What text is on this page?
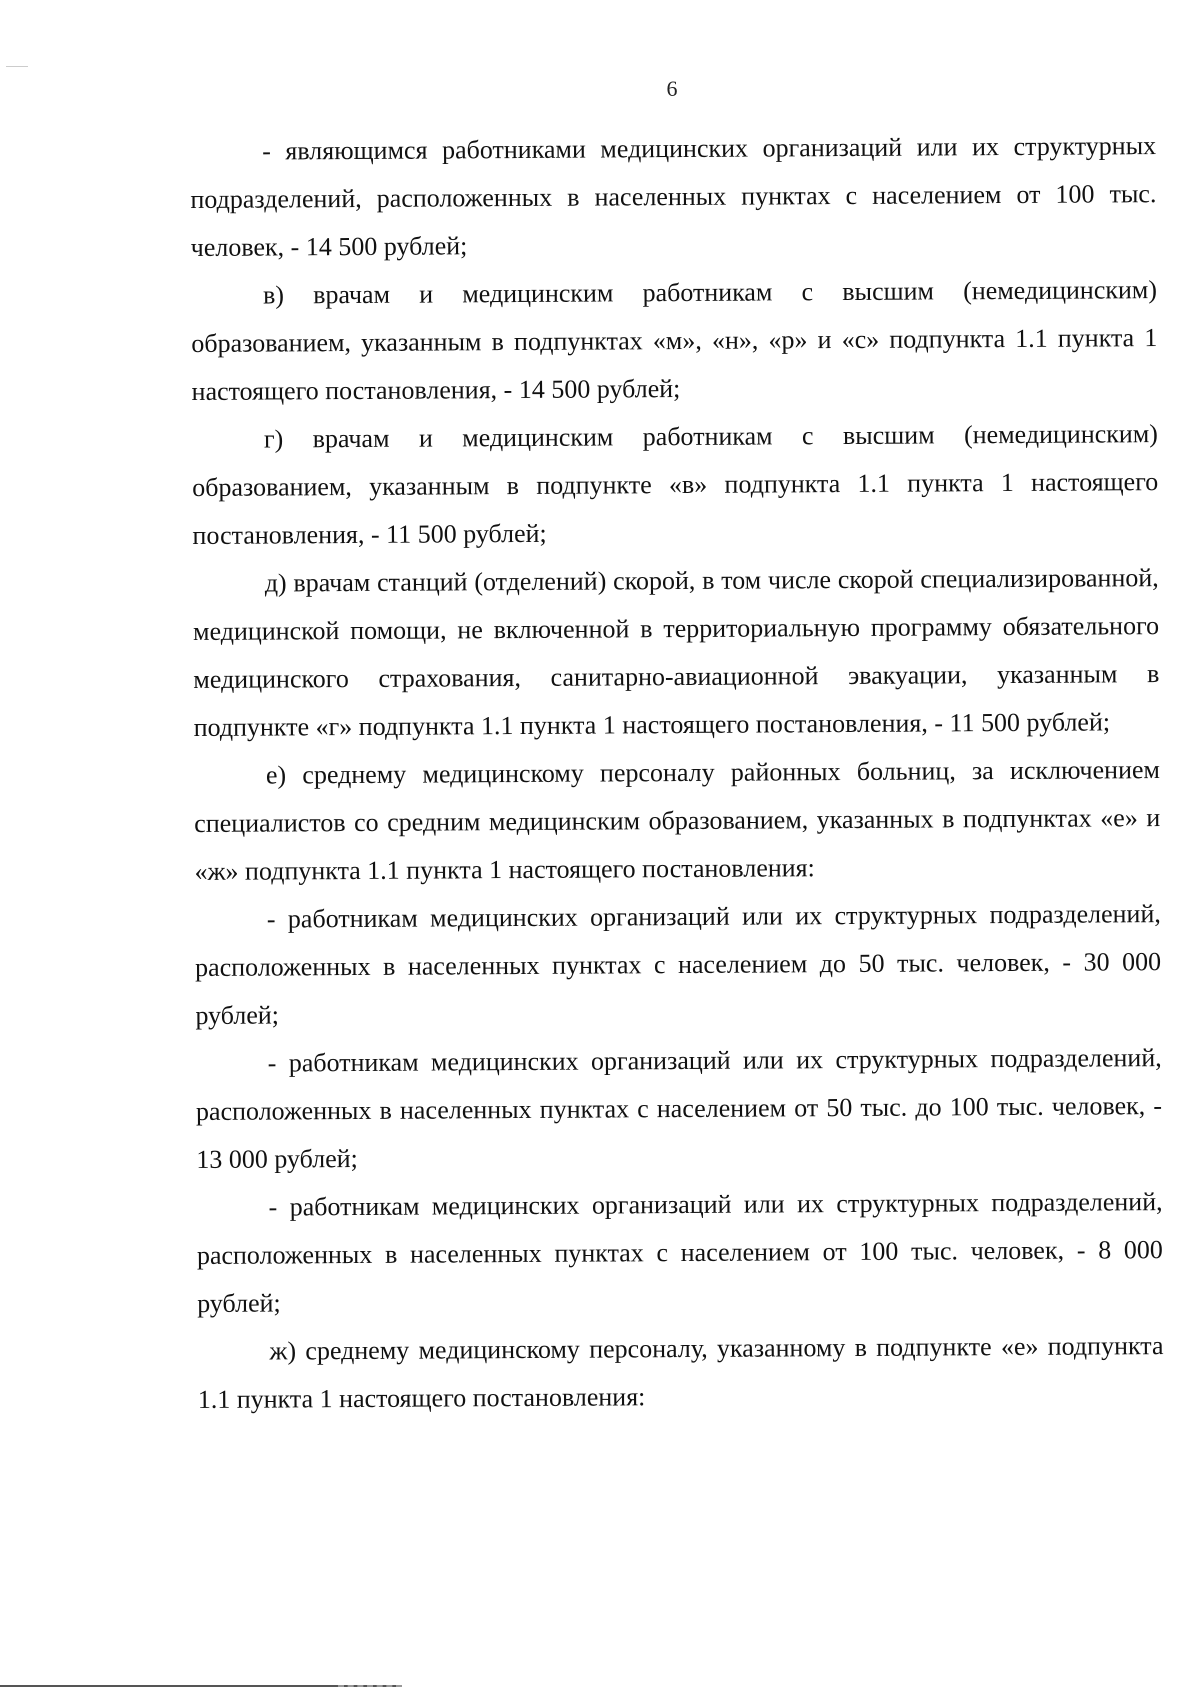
6

- являющимся работниками медицинских организаций или их структурных подразделений, расположенных в населенных пунктах с населением от 100 тыс. человек, - 14 500 рублей;

в) врачам и медицинским работникам с высшим (немедицинским) образованием, указанным в подпунктах «м», «н», «р» и «с» подпункта 1.1 пункта 1 настоящего постановления, - 14 500 рублей;

г) врачам и медицинским работникам с высшим (немедицинским) образованием, указанным в подпункте «в» подпункта 1.1 пункта 1 настоящего постановления, - 11 500 рублей;

д) врачам станций (отделений) скорой, в том числе скорой специализированной, медицинской помощи, не включенной в территориальную программу обязательного медицинского страхования, санитарно-авиационной эвакуации, указанным в подпункте «г» подпункта 1.1 пункта 1 настоящего постановления, - 11 500 рублей;

е) среднему медицинскому персоналу районных больниц, за исключением специалистов со средним медицинским образованием, указанных в подпунктах «е» и «ж» подпункта 1.1 пункта 1 настоящего постановления:

- работникам медицинских организаций или их структурных подразделений, расположенных в населенных пунктах с населением до 50 тыс. человек, - 30 000 рублей;

- работникам медицинских организаций или их структурных подразделений, расположенных в населенных пунктах с населением от 50 тыс. до 100 тыс. человек, - 13 000 рублей;

- работникам медицинских организаций или их структурных подразделений, расположенных в населенных пунктах с населением от 100 тыс. человек, - 8 000 рублей;

ж) среднему медицинскому персоналу, указанному в подпункте «е» подпункта 1.1 пункта 1 настоящего постановления:
